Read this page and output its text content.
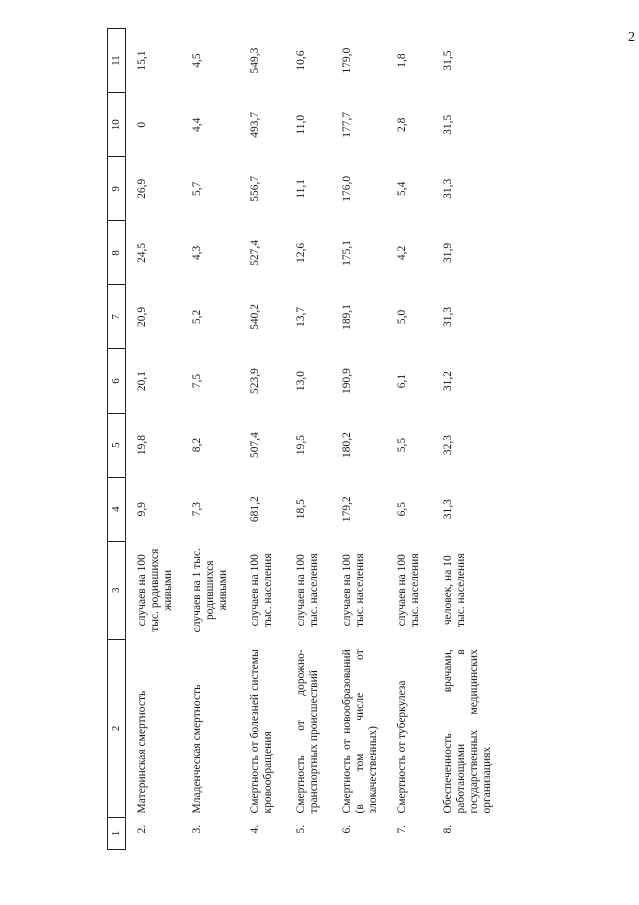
2
1	2	3	4	5	6	7	8	9	10	11
2.	Материнская смертность	случаев на 100 тыс. родившихся живыми	9,9	19,8	20,1	20,9	24,5	26,9	0	15,1
3.	Младенческая смертность	случаев на 1 тыс. родившихся живыми	7,3	8,2	7,5	5,2	4,3	5,7	4,4	4,5
4.	Смертность от болезней системы кровообращения	случаев на 100 тыс. населения	681,2	507,4	523,9	540,2	527,4	556,7	493,7	549,3
5.	Смертность от дорожно-транспортных происшествий	случаев на 100 тыс. населения	18,5	19,5	13,0	13,7	12,6	11,1	11,0	10,6
6.	Смертность от новообразований (в том числе от злокачественных)	случаев на 100 тыс. населения	179,2	180,2	190,9	189,1	175,1	176,0	177,7	179,0
7.	Смертность от туберкулеза	случаев на 100 тыс. населения	6,5	5,5	6,1	5,0	4,2	5,4	2,8	1,8
8.	Обеспеченность врачами, работающими в государственных медицинских организациях	человек, на 10 тыс. населения	31,3	32,3	31,2	31,3	31,9	31,3	31,5	31,5
